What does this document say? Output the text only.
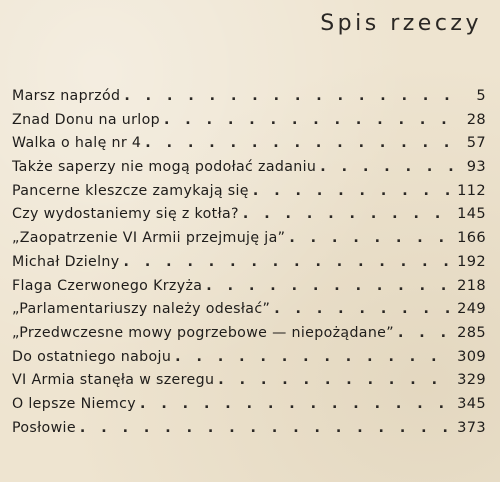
Spis rzeczy
Marsz naprzód . . .	5
Znad Donu na urlop . . .	28
Walka o halę nr 4 . . .	57
Także saperzy nie mogą podołać zadaniu . . .	93
Pancerne kleszcze zamykają się . . .	112
Czy wydostaniemy się z kotła? . . .	145
„Zaopatrzenie VI Armii przejmuję ja” . . .	166
Michał Dzielny . . .	192
Flaga Czerwonego Krzyża . . .	218
„Parlamentariuszy należy odesłać” . . .	249
„Przedwczesne mowy pogrzebowe — niepożądane” . . .	285
Do ostatniego naboju . . .	309
VI Armia stanęła w szeregu . . .	329
O lepsze Niemcy . . .	345
Posłowie . . .	373
